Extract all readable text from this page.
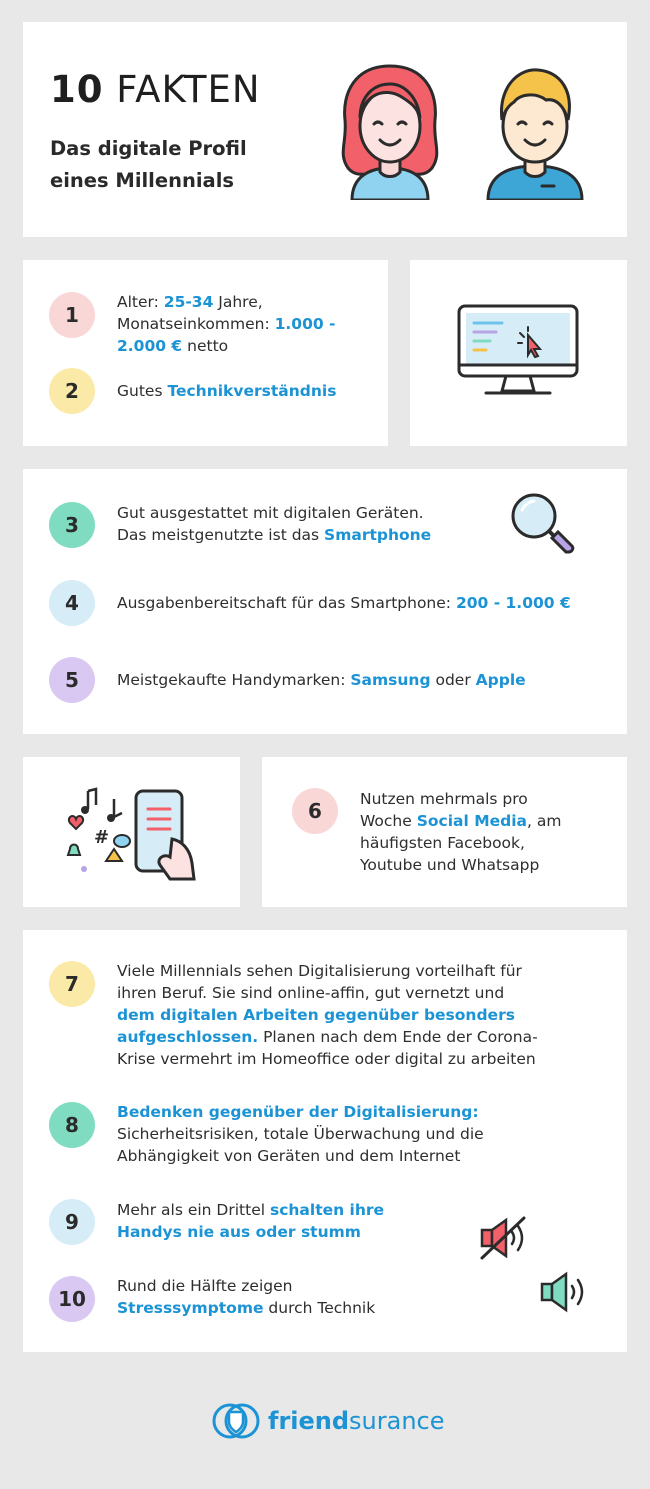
10 FAKTEN
Das digitale Profil
eines Millennials
1
Alter: 25-34 Jahre,
Monatseinkommen: 1.000 -
2.000 € netto
2	Gutes Technikverständnis
3	Gut ausgestattet mit digitalen Geräten.
Das meistgenutzte ist das Smartphone
4	Ausgabenbereitschaft für das Smartphone: 200 - 1.000 €
5	Meistgekaufte Handymarken: Samsung oder Apple
#
6	Nutzen mehrmals pro
Woche Social Media, am
häufigsten Facebook,
Youtube und Whatsapp
7
Viele Millennials sehen Digitalisierung vorteilhaft für
ihren Beruf. Sie sind online-affin, gut vernetzt und
dem digitalen Arbeiten gegenüber besonders
aufgeschlossen. Planen nach dem Ende der Corona-
Krise vermehrt im Homeoffice oder digital zu arbeiten
8
Bedenken gegenüber der Digitalisierung:
Sicherheitsrisiken, totale Überwachung und die
Abhängigkeit von Geräten und dem Internet
9	Mehr als ein Drittel schalten ihre
Handys nie aus oder stumm
10
Rund die Hälfte zeigen
Stresssymptome durch Technik
friendsurance
